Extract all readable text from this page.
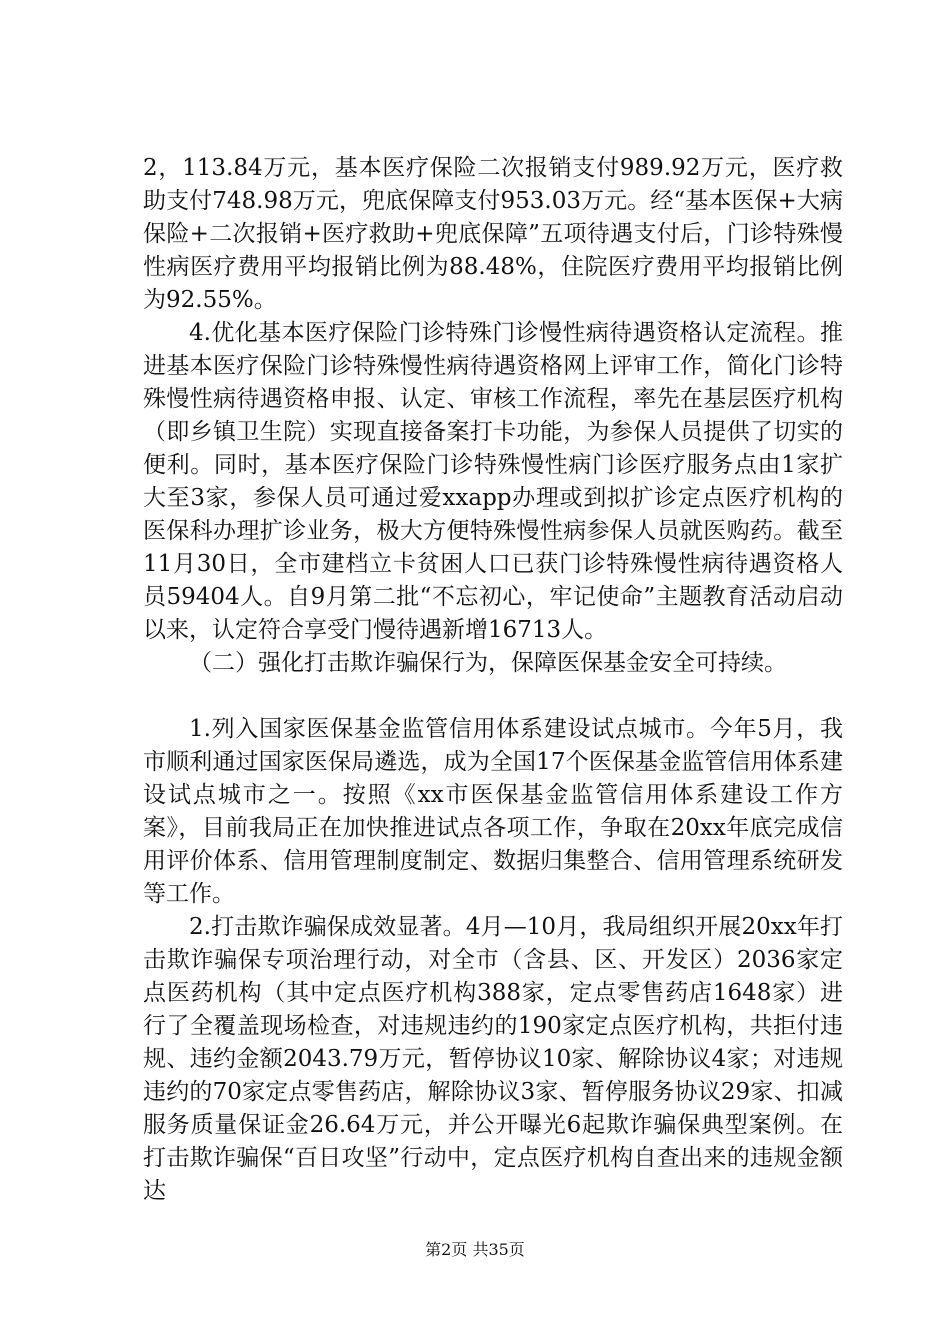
2，113.84万元，基本医疗保险二次报销支付989.92万元，医疗救助支付748.98万元，兜底保障支付953.03万元。经“基本医保+大病保险+二次报销+医疗救助+兜底保障”五项待遇支付后，门诊特殊慢性病医疗费用平均报销比例为88.48%，住院医疗费用平均报销比例为92.55%。

4.优化基本医疗保险门诊特殊门诊慢性病待遇资格认定流程。推进基本医疗保险门诊特殊慢性病待遇资格网上评审工作，简化门诊特殊慢性病待遇资格申报、认定、审核工作流程，率先在基层医疗机构（即乡镇卫生院）实现直接备案打卡功能，为参保人员提供了切实的便利。同时，基本医疗保险门诊特殊慢性病门诊医疗服务点由1家扩大至3家，参保人员可通过爱xxapp办理或到拟扩诊定点医疗机构的医保科办理扩诊业务，极大方便特殊慢性病参保人员就医购药。截至11月30日，全市建档立卡贫困人口已获门诊特殊慢性病待遇资格人员59404人。自9月第二批“不忘初心，牢记使命”主题教育活动启动以来，认定符合享受门慢待遇新增16713人。

（二）强化打击欺诈骗保行为，保障医保基金安全可持续。

1.列入国家医保基金监管信用体系建设试点城市。今年5月，我市顺利通过国家医保局遴选，成为全国17个医保基金监管信用体系建设试点城市之一。按照《xx市医保基金监管信用体系建设工作方案》，目前我局正在加快推进试点各项工作，争取在20xx年底完成信用评价体系、信用管理制度制定、数据归集整合、信用管理系统研发等工作。

2.打击欺诈骗保成效显著。4月—10月，我局组织开展20xx年打击欺诈骗保专项治理行动，对全市（含县、区、开发区）2036家定点医药机构（其中定点医疗机构388家，定点零售药店1648家）进行了全覆盖现场检查，对违规违约的190家定点医疗机构，共拒付违规、违约金额2043.79万元，暂停协议10家、解除协议4家；对违规违约的70家定点零售药店，解除协议3家、暂停服务协议29家、扣减服务质量保证金26.64万元，并公开曝光6起欺诈骗保典型案例。在打击欺诈骗保“百日攻坚”行动中，定点医疗机构自查出来的违规金额达

第2页 共35页
